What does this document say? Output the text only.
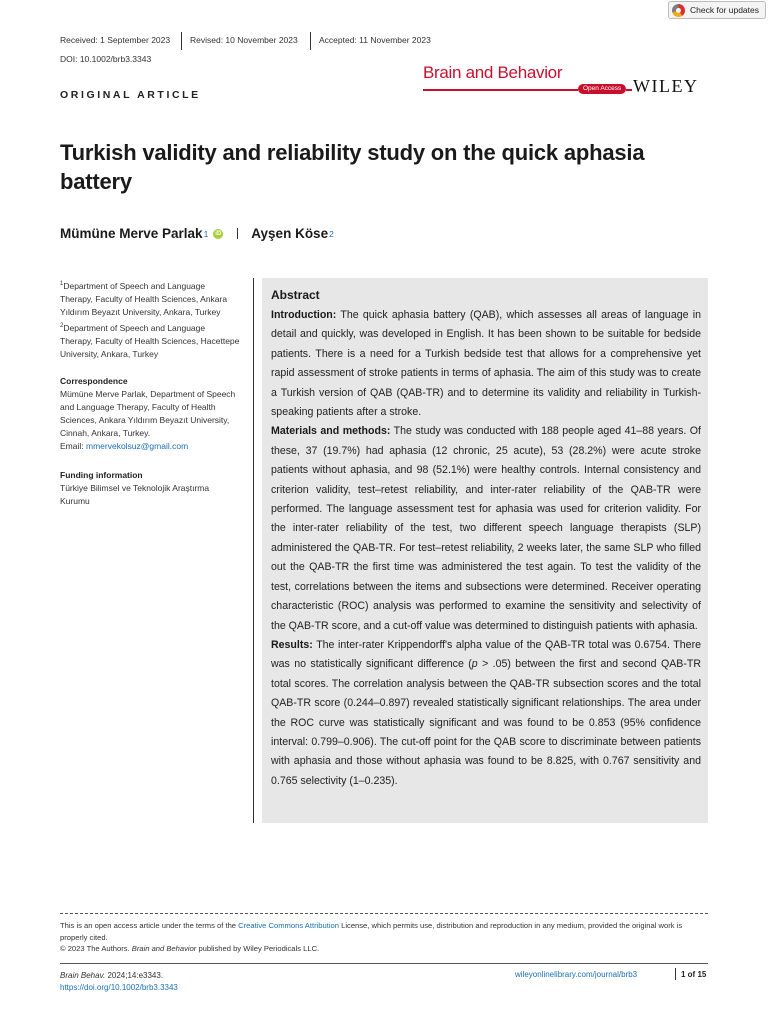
Check for updates
Received: 1 September 2023 Revised: 10 November 2023	Accepted: 11 November 2023
DOI: 10.1002/brb3.3343
ORIGINAL ARTICLE
Brain and Behavior
Open Access WILEY
Turkish validity and reliability study on the quick aphasia battery
Mümüne Merve Parlak 1	iD Ayşen Köse 2
$^1$Department of Speech and Language Therapy, Faculty of Health Sciences, Ankara Yıldırım Beyazıt University, Ankara, Turkey
$^2$Department of Speech and Language Therapy, Faculty of Health Sciences, Hacettepe University, Ankara, Turkey
Correspondence
Mümüne Merve Parlak, Department of Speech and Language Therapy, Faculty of Health Sciences, Ankara Yıldırım Beyazıt University, Cinnah, Ankara, Turkey.
Email: mmervekolsuz@gmail.com
Funding information
Türkiye Bilimsel ve Teknolojik Araştırma Kurumu
Abstract

Introduction: The quick aphasia battery (QAB), which assesses all areas of language in detail and quickly, was developed in English. It has been shown to be suitable for bedside patients. There is a need for a Turkish bedside test that allows for a comprehensive yet rapid assessment of stroke patients in terms of aphasia. The aim of this study was to create a Turkish version of QAB (QAB-TR) and to determine its validity and reliability in Turkish-speaking patients after a stroke.

Materials and methods: The study was conducted with 188 people aged 41–88 years. Of these, 37 (19.7%) had aphasia (12 chronic, 25 acute), 53 (28.2%) were acute stroke patients without aphasia, and 98 (52.1%) were healthy controls. Internal consistency and criterion validity, test–retest reliability, and inter-rater reliability of the QAB-TR were performed. The language assessment test for aphasia was used for criterion validity. For the inter-rater reliability of the test, two different speech language therapists (SLP) administered the QAB-TR. For test–retest reliability, 2 weeks later, the same SLP who filled out the QAB-TR the first time was administered the test again. To test the validity of the test, correlations between the items and subsections were determined. Receiver operating characteristic (ROC) analysis was performed to examine the sensitivity and selectivity of the QAB-TR score, and a cut-off value was determined to distinguish patients with aphasia.

Results: The inter-rater Krippendorff's alpha value of the QAB-TR total was 0.6754. There was no statistically significant difference (p > .05) between the first and second QAB-TR total scores. The correlation analysis between the QAB-TR subsection scores and the total QAB-TR score (0.244–0.897) revealed statistically significant relationships. The area under the ROC curve was statistically significant and was found to be 0.853 (95% confidence interval: 0.799–0.906). The cut-off point for the QAB score to discriminate between patients with aphasia and those without aphasia was found to be 8.825, with 0.767 sensitivity and 0.765 selectivity (1–0.235).

This is an open access article under the terms of the Creative Commons Attribution License, which permits use, distribution and reproduction in any medium, provided the original work is properly cited.
© 2023 The Authors. Brain and Behavior published by Wiley Periodicals LLC.
Brain Behav. 2024;14:e3343.
https://doi.org/10.1002/brb3.3343
wileyonlinelibrary.com/journal/brb3	1 of 15
